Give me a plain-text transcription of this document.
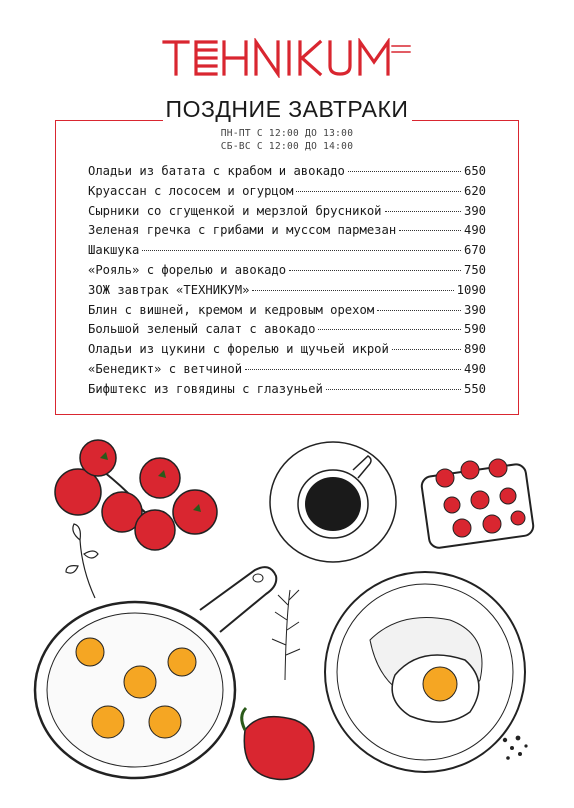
ПОЗДНИЕ ЗАВТРАКИ
ПН-ПТ С 12:00 ДО 13:00
СБ-ВС С 12:00 ДО 14:00
Оладьи из батата с крабом и авокадо	650
Круассан с лососем и огурцом	620
Сырники со сгущенкой и мерзлой брусникой	390
Зеленая гречка с грибами и муссом пармезан	490
Шакшука	670
«Рояль» с форелью и авокадо	750
ЗОЖ завтрак «ТЕХНИКУМ»	1090
Блин с вишней, кремом и кедровым орехом	390
Большой зеленый салат с авокадо	590
Оладьи из цукини с форелью и щучьей икрой	890
«Бенедикт» с ветчиной	490
Бифштекс из говядины с глазуньей	550
